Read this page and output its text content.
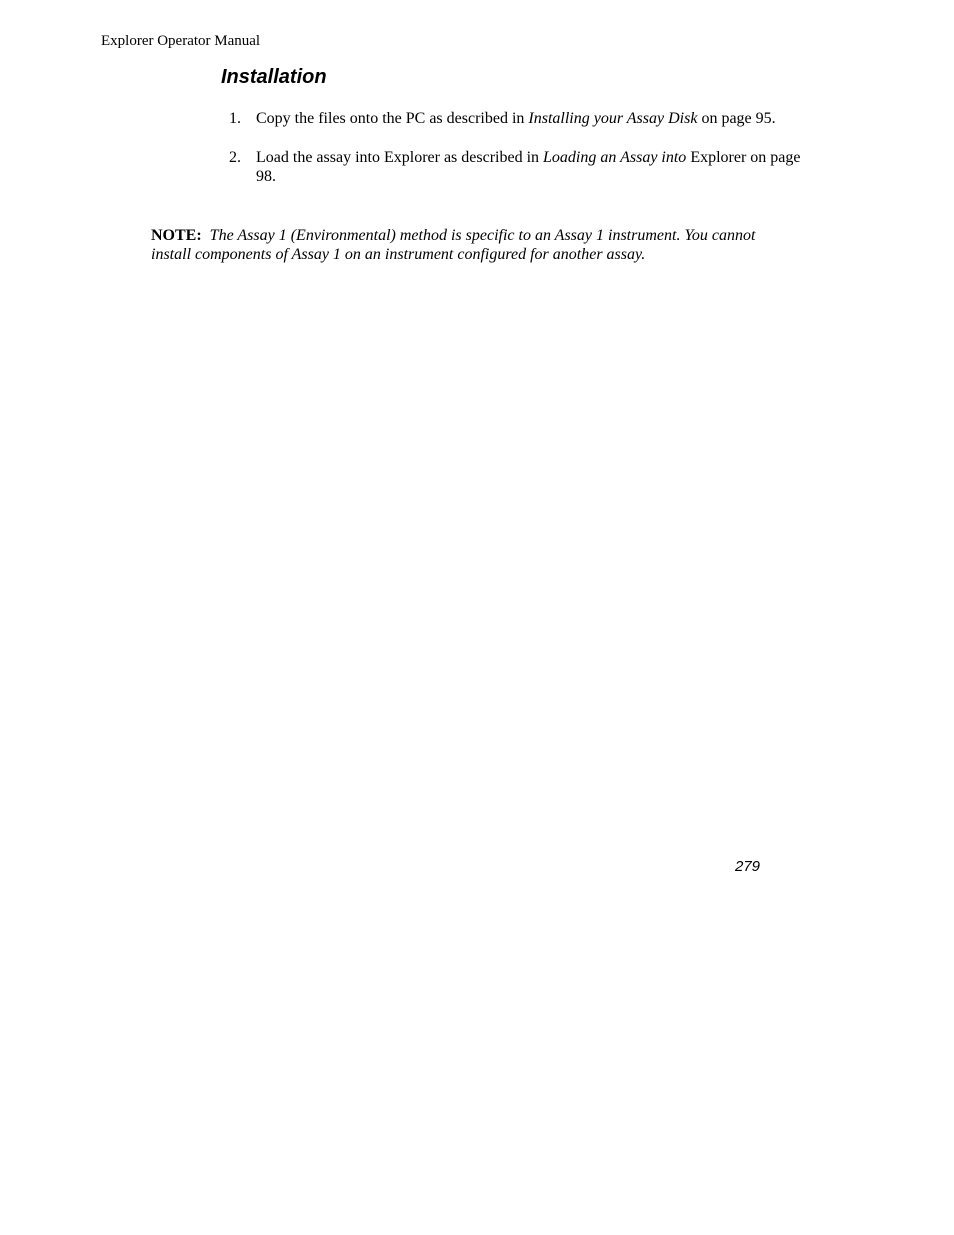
Explorer Operator Manual
Installation
1. Copy the files onto the PC as described in Installing your Assay Disk on page 95.
2. Load the assay into Explorer as described in Loading an Assay into Explorer on page 98.

NOTE: The Assay 1 (Environmental) method is specific to an Assay 1 instrument. You cannot install components of Assay 1 on an instrument configured for another assay.

279
